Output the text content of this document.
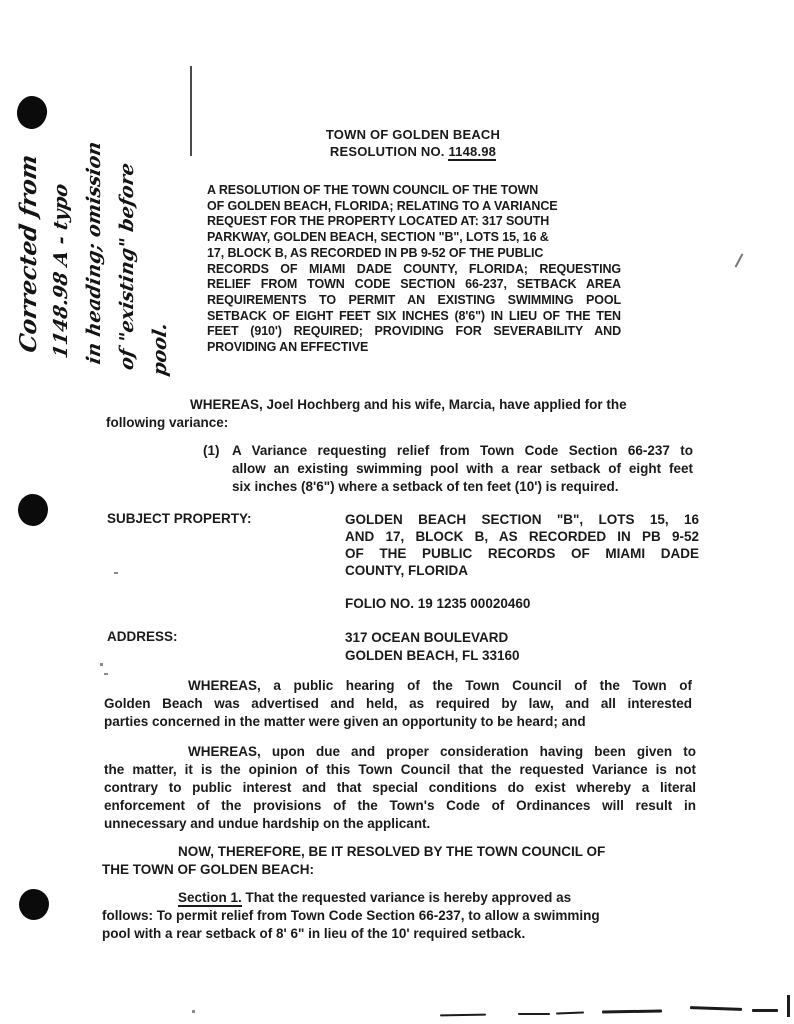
Corrected from 1148.98 A - typo in heading; omission of "existing" before pool.
TOWN OF GOLDEN BEACH
RESOLUTION NO. 1148.98
A RESOLUTION OF THE TOWN COUNCIL OF THE TOWN
OF GOLDEN BEACH, FLORIDA; RELATING TO A VARIANCE
REQUEST FOR THE PROPERTY LOCATED AT: 317 SOUTH
PARKWAY, GOLDEN BEACH, SECTION "B", LOTS 15, 16 &
17, BLOCK B, AS RECORDED IN PB 9-52 OF THE PUBLIC
RECORDS OF MIAMI DADE COUNTY, FLORIDA; REQUESTING
RELIEF FROM TOWN CODE SECTION 66-237, SETBACK AREA
REQUIREMENTS TO PERMIT AN EXISTING SWIMMING POOL
SETBACK OF EIGHT FEET SIX INCHES (8'6") IN LIEU OF THE TEN
FEET (910') REQUIRED; PROVIDING FOR SEVERABILITY AND
PROVIDING AN EFFECTIVE
WHEREAS, Joel Hochberg and his wife, Marcia, have applied for the
following variance:
(1) A Variance requesting relief from Town Code Section 66-237 to
allow an existing swimming pool with a rear setback of eight feet
six inches (8'6") where a setback of ten feet (10') is required.
SUBJECT PROPERTY:	GOLDEN BEACH SECTION "B", LOTS 15, 16
AND 17, BLOCK B, AS RECORDED IN PB 9-52
OF THE PUBLIC RECORDS OF MIAMI DADE
COUNTY, FLORIDA
FOLIO NO. 19 1235 00020460
ADDRESS:	317 OCEAN BOULEVARD
GOLDEN BEACH, FL 33160
WHEREAS, a public hearing of the Town Council of the Town of
Golden Beach was advertised and held, as required by law, and all interested
parties concerned in the matter were given an opportunity to be heard; and
WHEREAS, upon due and proper consideration having been given to
the matter, it is the opinion of this Town Council that the requested Variance is not
contrary to public interest and that special conditions do exist whereby a literal
enforcement of the provisions of the Town's Code of Ordinances will result in
unnecessary and undue hardship on the applicant.
NOW, THEREFORE, BE IT RESOLVED BY THE TOWN COUNCIL OF
THE TOWN OF GOLDEN BEACH:
Section 1. That the requested variance is hereby approved as
follows: To permit relief from Town Code Section 66-237, to allow a swimming
pool with a rear setback of 8' 6" in lieu of the 10' required setback.
